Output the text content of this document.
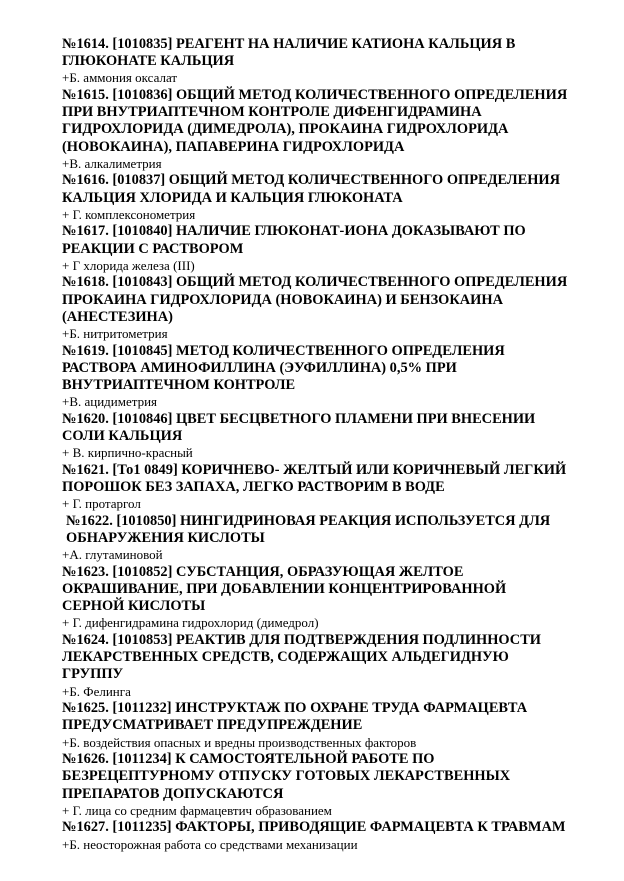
№1614. [1010835] РЕАГЕНТ НА НАЛИЧИЕ КАТИОНА КАЛЬЦИЯ В ГЛЮКОНАТЕ КАЛЬЦИЯ

+Б. аммония оксалат

№1615. [1010836] ОБЩИЙ МЕТОД КОЛИЧЕСТВЕННОГО ОПРЕДЕЛЕНИЯ ПРИ ВНУТРИАПТЕЧНОМ КОНТРОЛЕ ДИФЕНГИДРАМИНА ГИДРОХЛОРИДА (ДИМЕДРОЛА), ПРОКАИНА ГИДРОХЛОРИДА (НОВОКАИНА), ПАПАВЕРИНА ГИДРОХЛОРИДА

+В. алкалиметрия

№1616. [010837] ОБЩИЙ МЕТОД КОЛИЧЕСТВЕННОГО ОПРЕДЕЛЕНИЯ КАЛЬЦИЯ ХЛОРИДА И КАЛЬЦИЯ ГЛЮКОНАТА

+ Г. комплексонометрия

№1617. [1010840] НАЛИЧИЕ ГЛЮКОНАТ-ИОНА ДОКАЗЫВАЮТ ПО РЕАКЦИИ С РАСТВОРОМ

+ Г хлорида железа (III)

№1618. [1010843] ОБЩИЙ МЕТОД КОЛИЧЕСТВЕННОГО ОПРЕДЕЛЕНИЯ ПРОКАИНА ГИДРОХЛОРИДА (НОВОКАИНА) И БЕНЗОКАИНА (АНЕСТЕЗИНА)

+Б. нитритометрия

№1619. [1010845] МЕТОД КОЛИЧЕСТВЕННОГО ОПРЕДЕЛЕНИЯ РАСТВОРА АМИНОФИЛЛИНА (ЭУФИЛЛИНА) 0,5% ПРИ ВНУТРИАПТЕЧНОМ КОНТРОЛЕ

+В. ацидиметрия

№1620. [1010846] ЦВЕТ БЕСЦВЕТНОГО ПЛАМЕНИ ПРИ ВНЕСЕНИИ СОЛИ КАЛЬЦИЯ

+ В. кирпично-красный

№1621. [То1 0849] КОРИЧНЕВО- ЖЕЛТЫЙ ИЛИ КОРИЧНЕВЫЙ ЛЕГКИЙ ПОРОШОК БЕЗ ЗАПАХА, ЛЕГКО РАСТВОРИМ В ВОДЕ

+ Г. протаргол

№1622. [1010850] НИНГИДРИНОВАЯ РЕАКЦИЯ ИСПОЛЬЗУЕТСЯ ДЛЯ ОБНАРУЖЕНИЯ КИСЛОТЫ

+А. глутаминовой

№1623. [1010852] СУБСТАНЦИЯ, ОБРАЗУЮЩАЯ ЖЕЛТОЕ ОКРАШИВАНИЕ, ПРИ ДОБАВЛЕНИИ КОНЦЕНТРИРОВАННОЙ СЕРНОЙ КИСЛОТЫ

+ Г. дифенгидрамина гидрохлорид (димедрол)

№1624. [1010853] РЕАКТИВ ДЛЯ ПОДТВЕРЖДЕНИЯ ПОДЛИННОСТИ ЛЕКАРСТВЕННЫХ СРЕДСТВ, СОДЕРЖАЩИХ АЛЬДЕГИДНУЮ ГРУППУ

+Б. Фелинга

№1625. [1011232] ИНСТРУКТАЖ ПО ОХРАНЕ ТРУДА ФАРМАЦЕВТА ПРЕДУСМАТРИВАЕТ ПРЕДУПРЕЖДЕНИЕ

+Б. воздействия опасных и вредны производственных факторов

№1626. [1011234] К САМОСТОЯТЕЛЬНОЙ РАБОТЕ ПО БЕЗРЕЦЕПТУРНОМУ ОТПУСКУ ГОТОВЫХ ЛЕКАРСТВЕННЫХ ПРЕПАРАТОВ ДОПУСКАЮТСЯ

+ Г. лица со средним фармацевтич образованием

№1627. [1011235] ФАКТОРЫ, ПРИВОДЯЩИЕ ФАРМАЦЕВТА К ТРАВМАМ

+Б. неосторожная работа со средствами механизации
